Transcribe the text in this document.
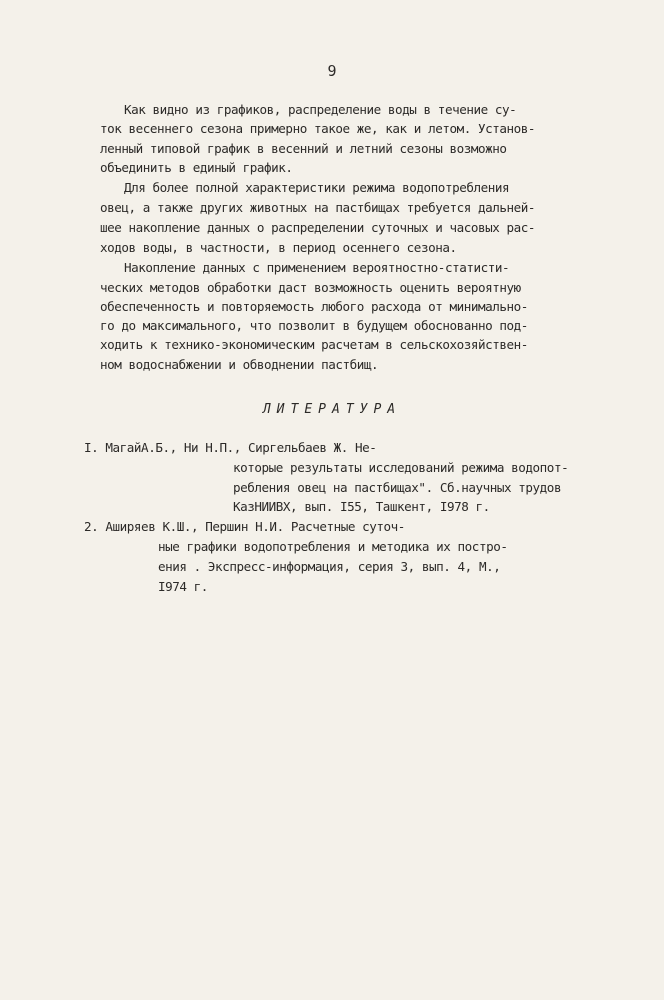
9
Как видно из графиков, распределение воды в течение су-
ток весеннего сезона примерно такое же, как и летом. Установ-
ленный типовой график в весенний и летний сезоны возможно
объединить в единый график.
Для более полной характеристики режима водопотребления
овец, а также других животных на пастбищах требуется дальней-
шее накопление данных о распределении суточных и часовых рас-
ходов воды, в частности, в период осеннего сезона.
Накопление данных с применением вероятностно-статисти-
ческих методов обработки даст возможность оценить вероятную
обеспеченность и повторяемость любого расхода от минимально-
го до максимального, что позволит в будущем обоснованно под-
ходить к технико-экономическим расчетам в сельскохозяйствен-
ном водоснабжении и обводнении пастбищ.
ЛИТЕРАТУРА
I. МагайА.Б., Ни Н.П., Сиргельбаев Ж. Не-
которые результаты исследований режима водопот-
ребления овец на пастбищах". Сб.научных трудов
КазНИИВХ, вып. I55, Ташкент, I978 г.
2. Аширяев К.Ш., Першин Н.И. Расчетные суточ-
ные графики водопотребления и методика их постро-
ения . Экспресс-информация, серия 3, вып. 4, М.,
I974 г.
